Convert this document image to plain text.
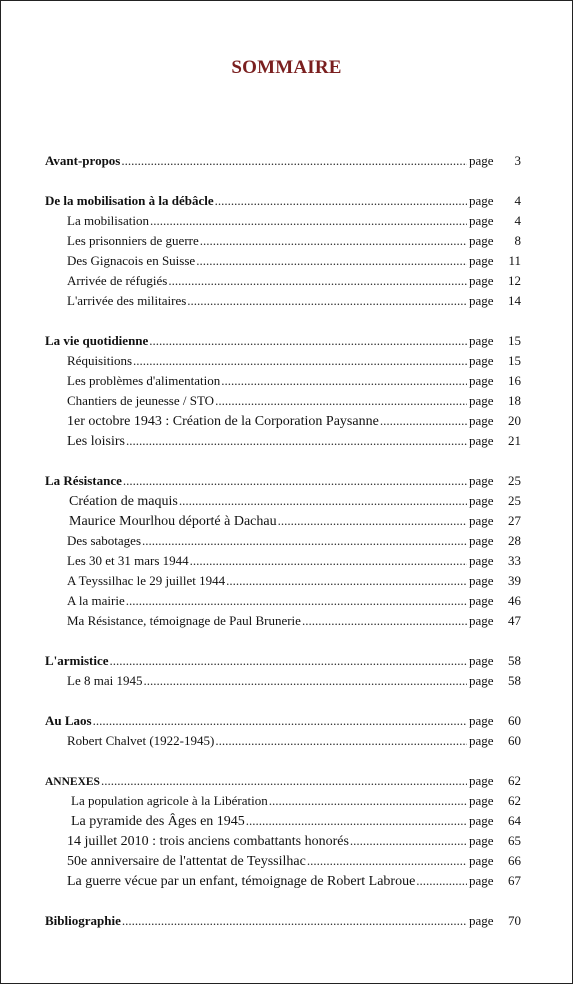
SOMMAIRE
Avant-propos .....	page	3
De la mobilisation à la débâcle .....	page	4
La mobilisation .....	page	4
Les prisonniers de guerre .....	page	8
Des Gignacois en Suisse .....	page	11
Arrivée de réfugiés .....	page	12
L'arrivée des militaires .....	page	14
La vie quotidienne .....	page	15
Réquisitions .....	page	15
Les problèmes d'alimentation .....	page	16
Chantiers de jeunesse / STO .....	page	18
1er octobre 1943 : Création de la Corporation Paysanne .....	page	20
Les loisirs .....	page	21
La Résistance .....	page	25
Création de maquis .....	page	25
Maurice Mourlhou déporté à Dachau .....	page	27
Des sabotages .....	page	28
Les 30 et 31 mars 1944 .....	page	33
A Teyssilhac le 29 juillet 1944 .....	page	39
A la mairie .....	page	46
Ma Résistance, témoignage de Paul Brunerie .....	page	47
L'armistice .....	page	58
Le 8 mai 1945 .....	page	58
Au Laos .....	page	60
Robert Chalvet (1922-1945) .....	page	60
ANNEXES .....	page	62
La population agricole à la Libération .....	page	62
La pyramide des Âges en 1945 .....	page	64
14 juillet 2010 : trois anciens combattants honorés .....	page	65
50e anniversaire de l'attentat de Teyssilhac .....	page	66
La guerre vécue par un enfant, témoignage de Robert Labroue .....	page	67
Bibliographie .....	page	70
